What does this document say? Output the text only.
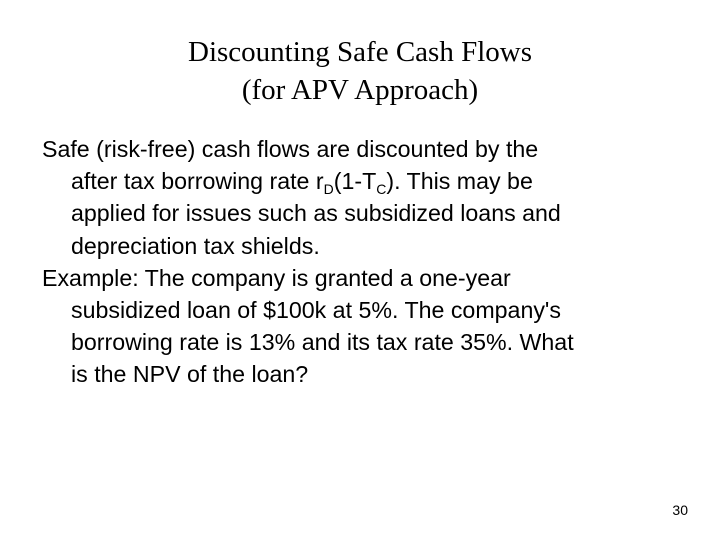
Discounting Safe Cash Flows
(for APV Approach)
Safe (risk-free) cash flows are discounted by the
after tax borrowing rate $r_D(1-T_C)$. This may be
applied for issues such as subsidized loans and
depreciation tax shields.
Example: The company is granted a one-year
subsidized loan of $100k at 5%. The company's
borrowing rate is 13% and its tax rate 35%. What
is the NPV of the loan?
30
